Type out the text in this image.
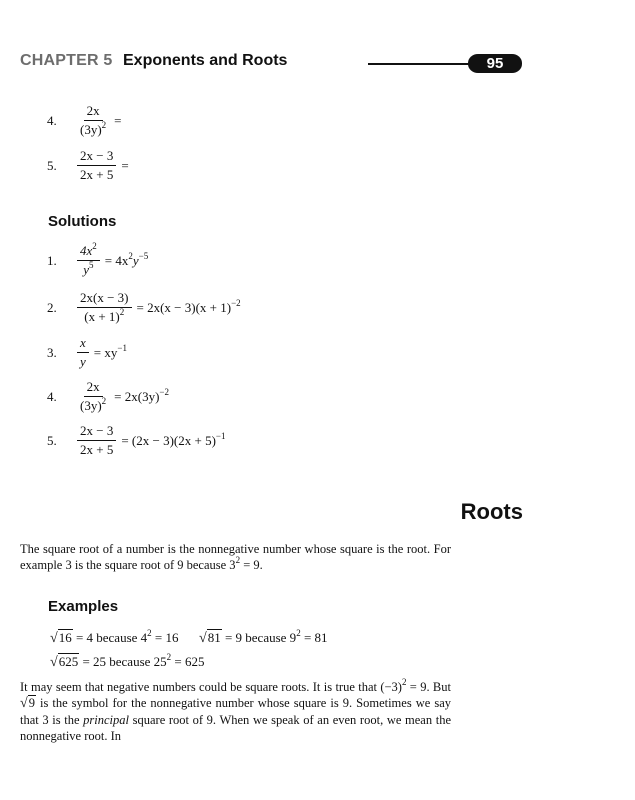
CHAPTER 5 Exponents and Roots	95
4.	$\frac{2x}{(3y)^2}$ =
5.	$\frac{2x - 3}{2x + 5}$ =
Solutions
1.	$\frac{4x^2}{y^5} = 4x^2y^{-5}$
2.	$\frac{2x(x - 3)}{(x + 1)^2} = 2x(x - 3)(x + 1)^{-2}$
3.	$\frac{x}{y} = xy^{-1}$
4.	$\frac{2x}{(3y)^2} = 2x(3y)^{-2}$
5.	$\frac{2x - 3}{2x + 5} = (2x - 3)(2x + 5)^{-1}$
Roots
The square root of a number is the nonnegative number whose square is the root. For example 3 is the square root of 9 because $3^2 = 9$.
Examples
√16 = 4 because $4^2 = 16$ √81 = 9 because $9^2 = 81$
√625 = 25 because $25^2 = 625$
It may seem that negative numbers could be square roots. It is true that $(-3)^2 = 9$. But √9 is the symbol for the nonnegative number whose square is 9. Sometimes we say that 3 is the principal square root of 9. When we speak of an even root, we mean the nonnegative root. In
